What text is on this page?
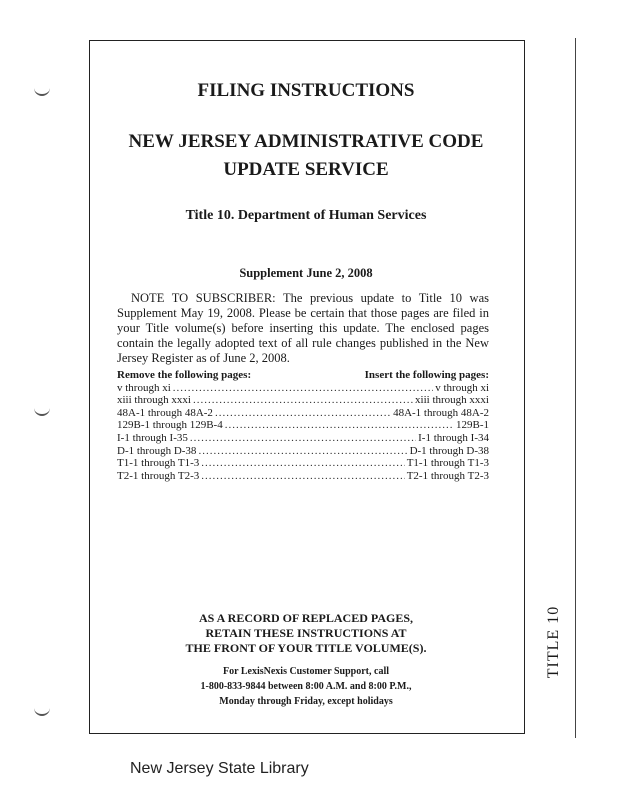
FILING INSTRUCTIONS
NEW JERSEY ADMINISTRATIVE CODE
UPDATE SERVICE
Title 10. Department of Human Services
Supplement June 2, 2008
NOTE TO SUBSCRIBER: The previous update to Title 10 was Supplement May 19, 2008. Please be certain that those pages are filed in your Title volume(s) before inserting this update. The enclosed pages contain the legally adopted text of all rule changes published in the New Jersey Register as of June 2, 2008.
Remove the following pages:	Insert the following pages:
v through xi .....	v through xi
xiii through xxxi .....	xiii through xxxi
48A-1 through 48A-2 .....	48A-1 through 48A-2
129B-1 through 129B-4 .....	129B-1
I-1 through I-35 .....	I-1 through I-34
D-1 through D-38 .....	D-1 through D-38
T1-1 through T1-3 .....	T1-1 through T1-3
T2-1 through T2-3 .....	T2-1 through T2-3
AS A RECORD OF REPLACED PAGES,
RETAIN THESE INSTRUCTIONS AT
THE FRONT OF YOUR TITLE VOLUME(S).
For LexisNexis Customer Support, call
1-800-833-9844 between 8:00 A.M. and 8:00 P.M.,
Monday through Friday, except holidays
TITLE 10
New Jersey State Library
